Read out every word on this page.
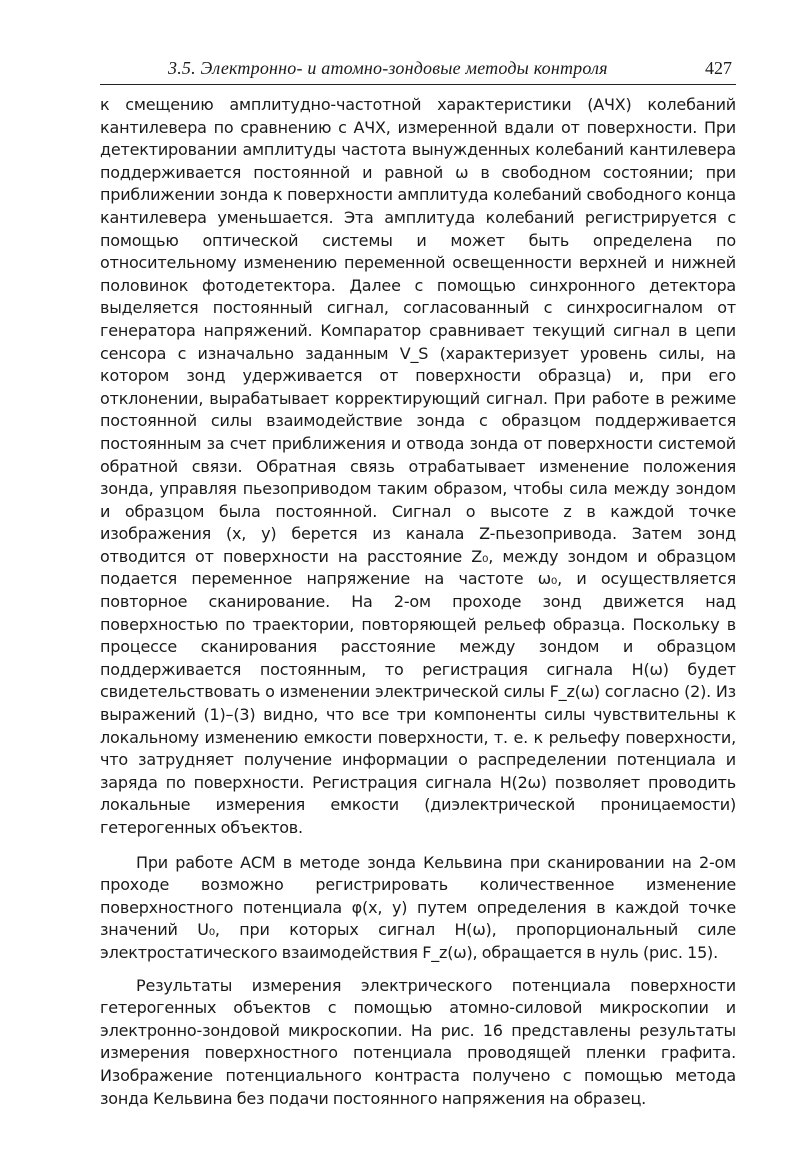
3.5. Электронно- и атомно-зондовые методы контроля	427

к смещению амплитудно-частотной характеристики (АЧХ) колебаний кантилевера по сравнению с АЧХ, измеренной вдали от поверхности. При детектировании амплитуды частота вынужденных колебаний кантилевера поддерживается постоянной и равной ω в свободном состоянии; при приближении зонда к поверхности амплитуда колебаний свободного конца кантилевера уменьшается. Эта амплитуда колебаний регистрируется с помощью оптической системы и может быть определена по относительному изменению переменной освещенности верхней и нижней половинок фотодетектора. Далее с помощью синхронного детектора выделяется постоянный сигнал, согласованный с синхросигналом от генератора напряжений. Компаратор сравнивает текущий сигнал в цепи сенсора с изначально заданным V_S (характеризует уровень силы, на котором зонд удерживается от поверхности образца) и, при его отклонении, вырабатывает корректирующий сигнал. При работе в режиме постоянной силы взаимодействие зонда с образцом поддерживается постоянным за счет приближения и отвода зонда от поверхности системой обратной связи. Обратная связь отрабатывает изменение положения зонда, управляя пьезоприводом таким образом, чтобы сила между зондом и образцом была постоянной. Сигнал о высоте z в каждой точке изображения (x, y) берется из канала Z-пьезопривода. Затем зонд отводится от поверхности на расстояние Z₀, между зондом и образцом подается переменное напряжение на частоте ω₀, и осуществляется повторное сканирование. На 2-ом проходе зонд движется над поверхностью по траектории, повторяющей рельеф образца. Поскольку в процессе сканирования расстояние между зондом и образцом поддерживается постоянным, то регистрация сигнала H(ω) будет свидетельствовать о изменении электрической силы F_z(ω) согласно (2). Из выражений (1)–(3) видно, что все три компоненты силы чувствительны к локальному изменению емкости поверхности, т. е. к рельефу поверхности, что затрудняет получение информации о распределении потенциала и заряда по поверхности. Регистрация сигнала H(2ω) позволяет проводить локальные измерения емкости (диэлектрической проницаемости) гетерогенных объектов.

При работе АСМ в методе зонда Кельвина при сканировании на 2-ом проходе возможно регистрировать количественное изменение поверхностного потенциала φ(x, y) путем определения в каждой точке значений U₀, при которых сигнал H(ω), пропорциональный силе электростатического взаимодействия F_z(ω), обращается в нуль (рис. 15).

Результаты измерения электрического потенциала поверхности гетерогенных объектов с помощью атомно-силовой микроскопии и электронно-зондовой микроскопии. На рис. 16 представлены результаты измерения поверхностного потенциала проводящей пленки графита. Изображение потенциального контраста получено с помощью метода зонда Кельвина без подачи постоянного напряжения на образец.
